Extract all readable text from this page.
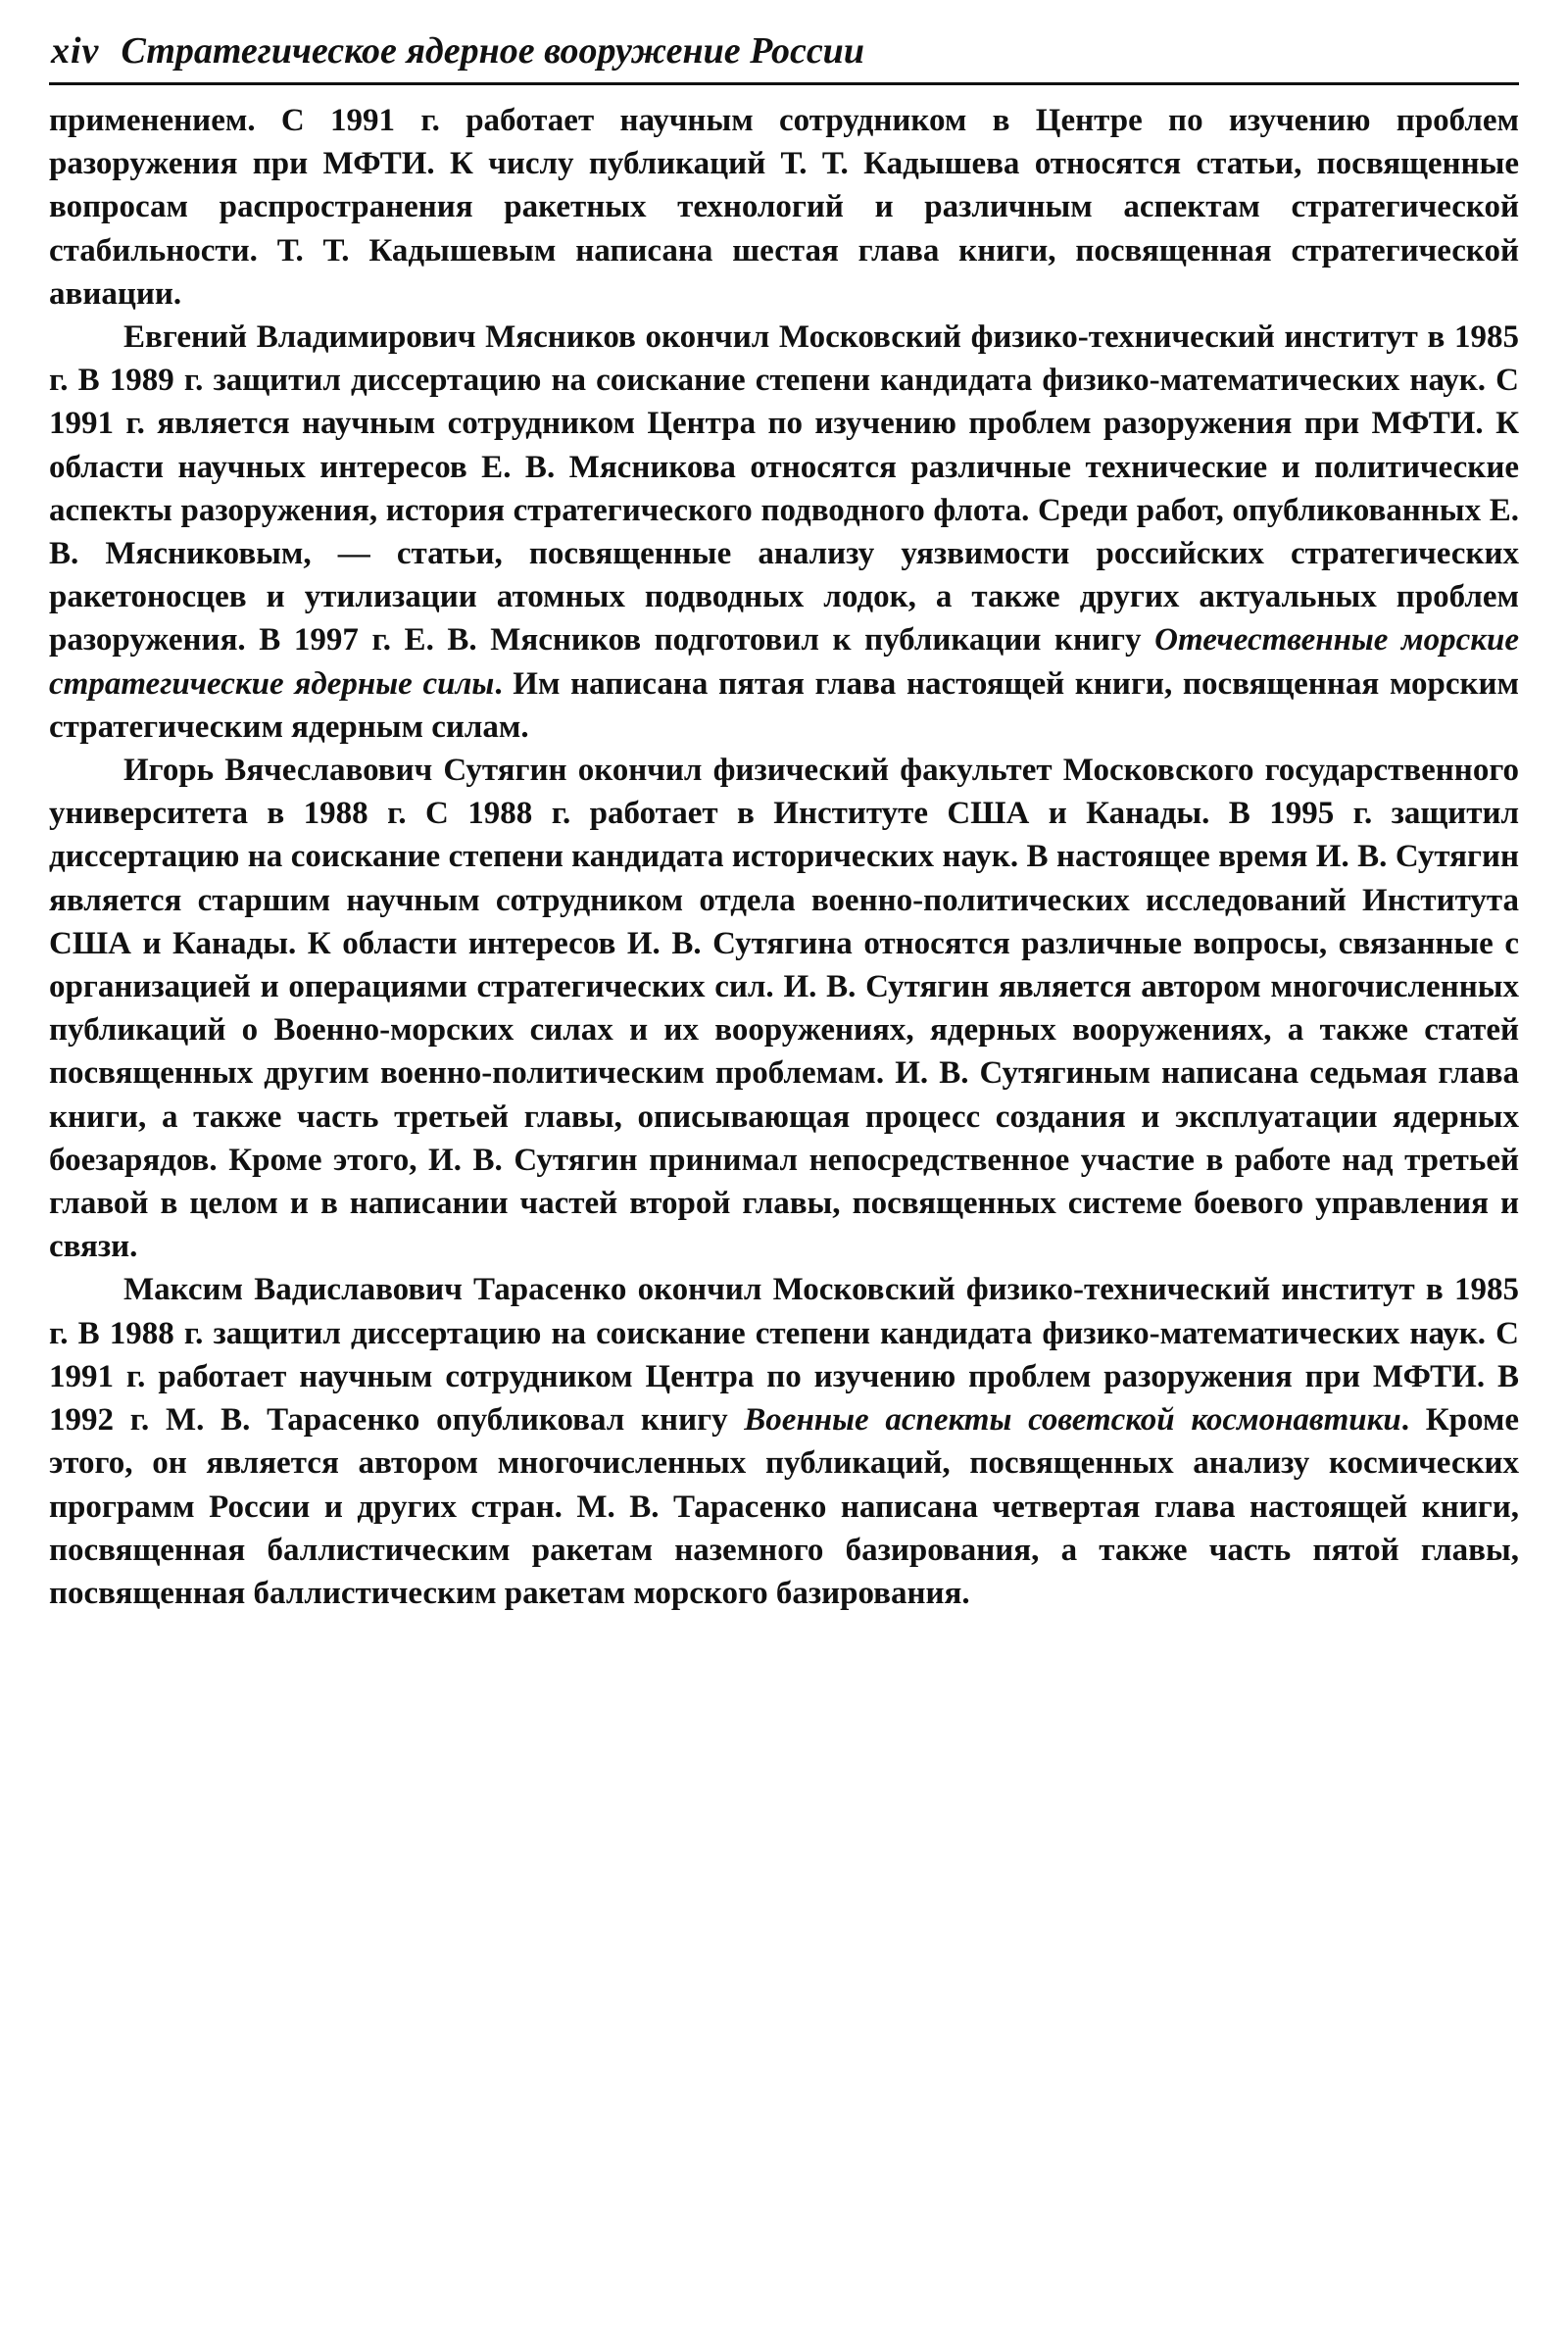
xiv Стратегическое ядерное вооружение России

применением. С 1991 г. работает научным сотрудником в Центре по изучению проблем разоружения при МФТИ. К числу публикаций Т. Т. Кадышева относятся статьи, посвященные вопросам распространения ракетных технологий и различным аспектам стратегической стабильности. Т. Т. Кадышевым написана шестая глава книги, посвященная стратегической авиации.

Евгений Владимирович Мясников окончил Московский физико-технический институт в 1985 г. В 1989 г. защитил диссертацию на соискание степени кандидата физико-математических наук. С 1991 г. является научным сотрудником Центра по изучению проблем разоружения при МФТИ. К области научных интересов Е. В. Мясникова относятся различные технические и политические аспекты разоружения, история стратегического подводного флота. Среди работ, опубликованных Е. В. Мясниковым, — статьи, посвященные анализу уязвимости российских стратегических ракетоносцев и утилизации атомных подводных лодок, а также других актуальных проблем разоружения. В 1997 г. Е. В. Мясников подготовил к публикации книгу Отечественные морские стратегические ядерные силы. Им написана пятая глава настоящей книги, посвященная морским стратегическим ядерным силам.

Игорь Вячеславович Сутягин окончил физический факультет Московского государственного университета в 1988 г. С 1988 г. работает в Институте США и Канады. В 1995 г. защитил диссертацию на соискание степени кандидата исторических наук. В настоящее время И. В. Сутягин является старшим научным сотрудником отдела военно-политических исследований Института США и Канады. К области интересов И. В. Сутягина относятся различные вопросы, связанные с организацией и операциями стратегических сил. И. В. Сутягин является автором многочисленных публикаций о Военно-морских силах и их вооружениях, ядерных вооружениях, а также статей посвященных другим военно-политическим проблемам. И. В. Сутягиным написана седьмая глава книги, а также часть третьей главы, описывающая процесс создания и эксплуатации ядерных боезарядов. Кроме этого, И. В. Сутягин принимал непосредственное участие в работе над третьей главой в целом и в написании частей второй главы, посвященных системе боевого управления и связи.

Максим Вадиславович Тарасенко окончил Московский физико-технический институт в 1985 г. В 1988 г. защитил диссертацию на соискание степени кандидата физико-математических наук. С 1991 г. работает научным сотрудником Центра по изучению проблем разоружения при МФТИ. В 1992 г. М. В. Тарасенко опубликовал книгу Военные аспекты советской космонавтики. Кроме этого, он является автором многочисленных публикаций, посвященных анализу космических программ России и других стран. М. В. Тарасенко написана четвертая глава настоящей книги, посвященная баллистическим ракетам наземного базирования, а также часть пятой главы, посвященная баллистическим ракетам морского базирования.
